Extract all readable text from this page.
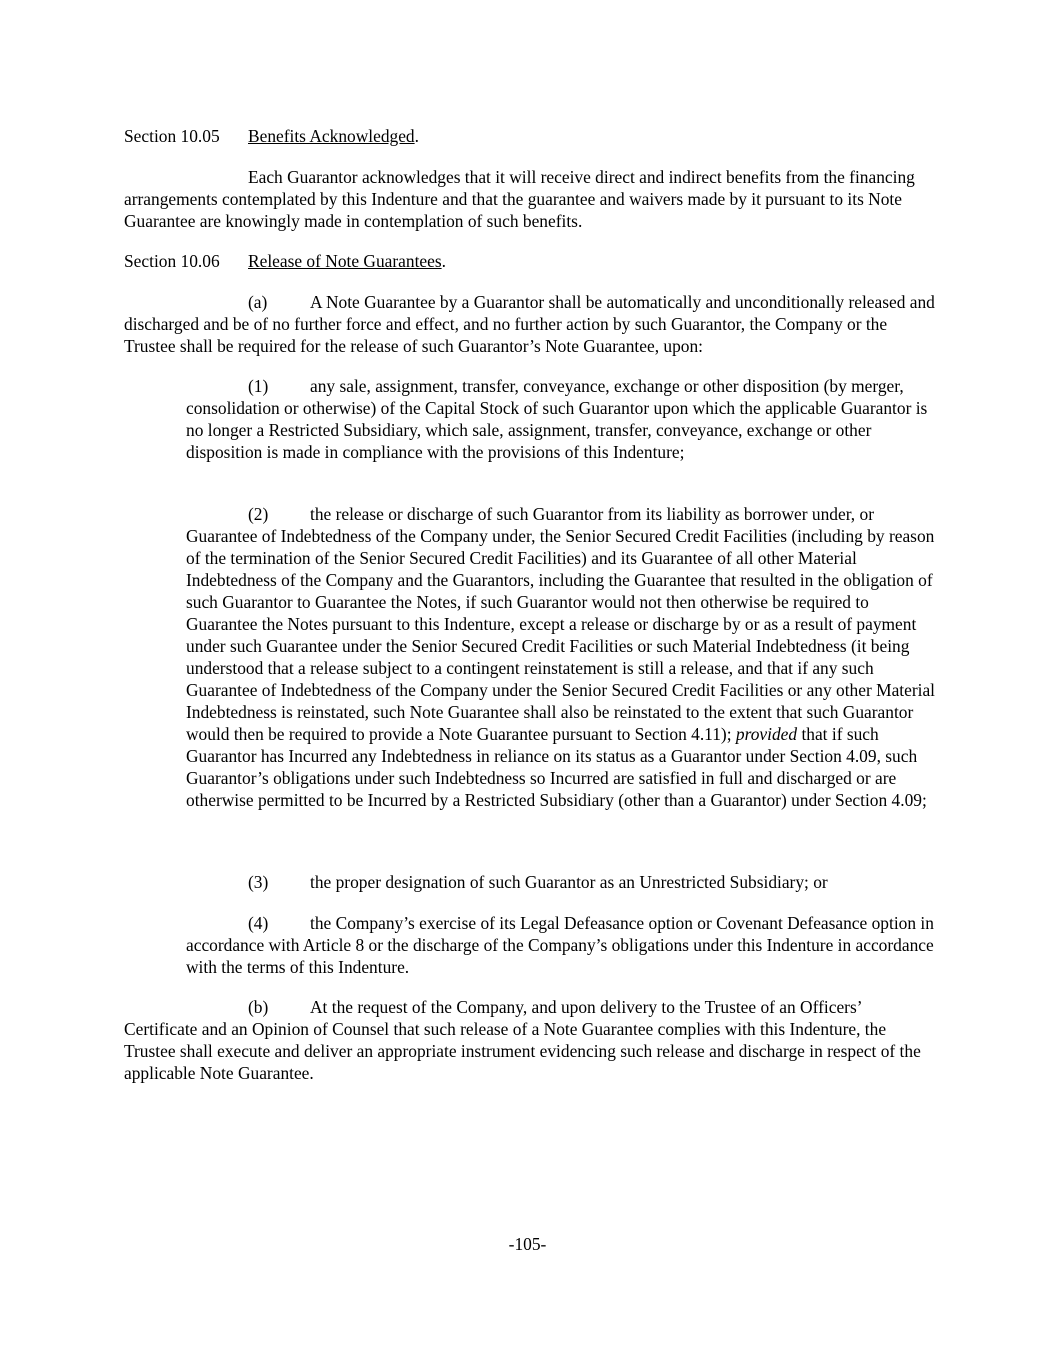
Section 10.05 Benefits Acknowledged.

Each Guarantor acknowledges that it will receive direct and indirect benefits from the financing arrangements contemplated by this Indenture and that the guarantee and waivers made by it pursuant to its Note Guarantee are knowingly made in contemplation of such benefits.

Section 10.06 Release of Note Guarantees.

(a) A Note Guarantee by a Guarantor shall be automatically and unconditionally released and discharged and be of no further force and effect, and no further action by such Guarantor, the Company or the Trustee shall be required for the release of such Guarantor’s Note Guarantee, upon:

(1) any sale, assignment, transfer, conveyance, exchange or other disposition (by merger, consolidation or otherwise) of the Capital Stock of such Guarantor upon which the applicable Guarantor is no longer a Restricted Subsidiary, which sale, assignment, transfer, conveyance, exchange or other disposition is made in compliance with the provisions of this Indenture;

(2) the release or discharge of such Guarantor from its liability as borrower under, or Guarantee of Indebtedness of the Company under, the Senior Secured Credit Facilities (including by reason of the termination of the Senior Secured Credit Facilities) and its Guarantee of all other Material Indebtedness of the Company and the Guarantors, including the Guarantee that resulted in the obligation of such Guarantor to Guarantee the Notes, if such Guarantor would not then otherwise be required to Guarantee the Notes pursuant to this Indenture, except a release or discharge by or as a result of payment under such Guarantee under the Senior Secured Credit Facilities or such Material Indebtedness (it being understood that a release subject to a contingent reinstatement is still a release, and that if any such Guarantee of Indebtedness of the Company under the Senior Secured Credit Facilities or any other Material Indebtedness is reinstated, such Note Guarantee shall also be reinstated to the extent that such Guarantor would then be required to provide a Note Guarantee pursuant to Section 4.11); provided that if such Guarantor has Incurred any Indebtedness in reliance on its status as a Guarantor under Section 4.09, such Guarantor’s obligations under such Indebtedness so Incurred are satisfied in full and discharged or are otherwise permitted to be Incurred by a Restricted Subsidiary (other than a Guarantor) under Section 4.09;

(3) the proper designation of such Guarantor as an Unrestricted Subsidiary; or

(4) the Company’s exercise of its Legal Defeasance option or Covenant Defeasance option in accordance with Article 8 or the discharge of the Company’s obligations under this Indenture in accordance with the terms of this Indenture.

(b) At the request of the Company, and upon delivery to the Trustee of an Officers’ Certificate and an Opinion of Counsel that such release of a Note Guarantee complies with this Indenture, the Trustee shall execute and deliver an appropriate instrument evidencing such release and discharge in respect of the applicable Note Guarantee.

-105-
